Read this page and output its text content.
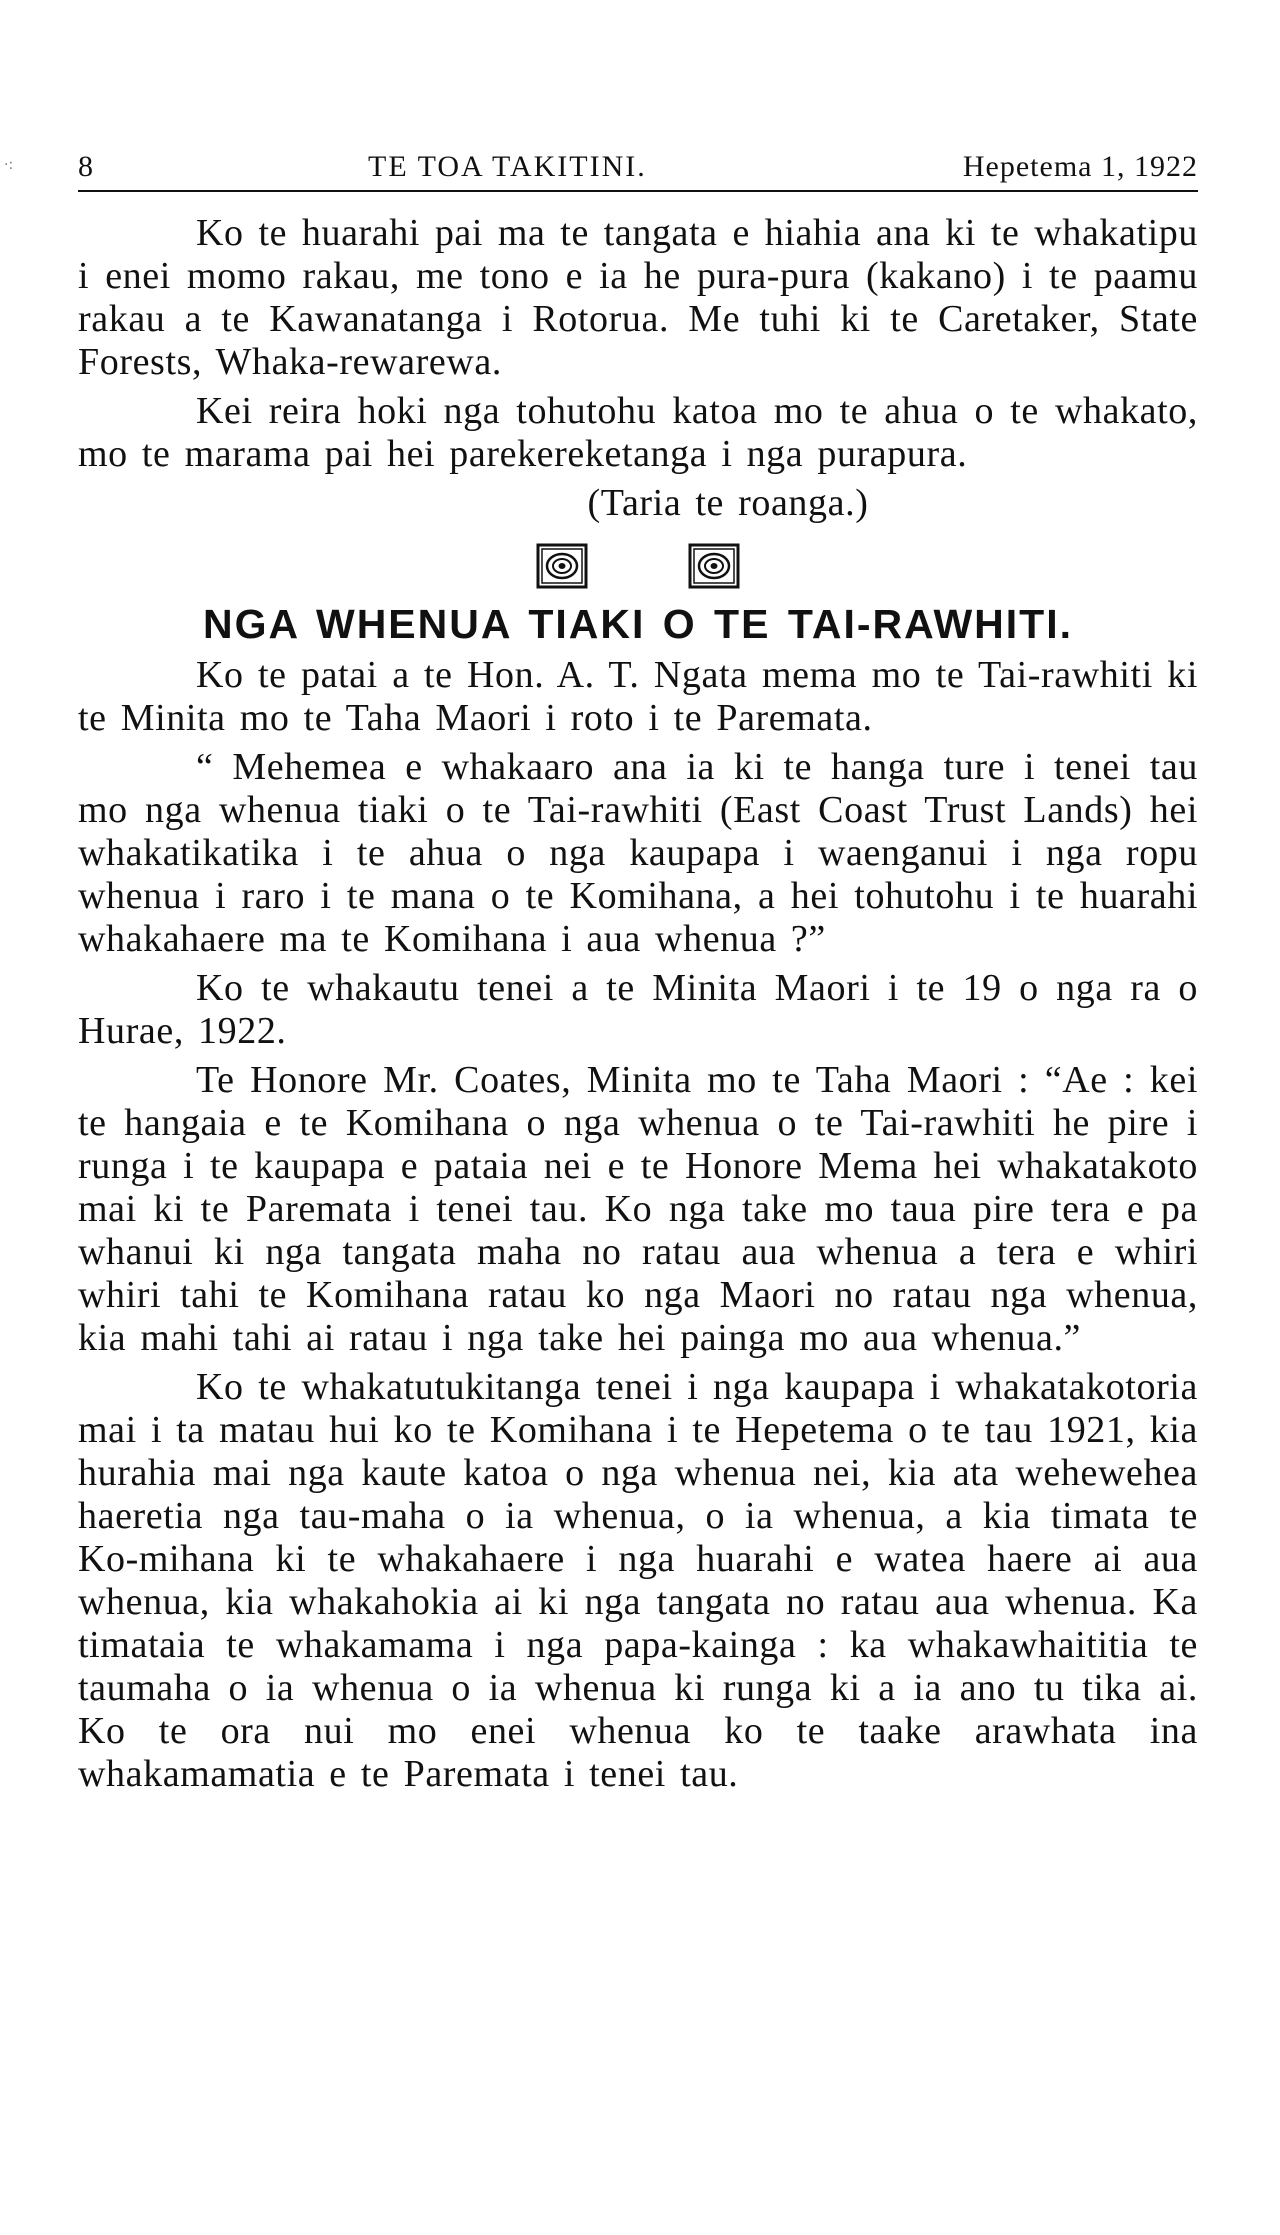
·: 8	TE TOA TAKITINI.	Hepetema 1, 1922

Ko te huarahi pai ma te tangata e hiahia ana ki te whakatipu i enei momo rakau, me tono e ia he pura-pura (kakano) i te paamu rakau a te Kawanatanga i Rotorua. Me tuhi ki te Caretaker, State Forests, Whaka-rewarewa.

Kei reira hoki nga tohutohu katoa mo te ahua o te whakato, mo te marama pai hei parekereketanga i nga purapura.

(Taria te roanga.)

NGA WHENUA TIAKI O TE TAI-RAWHITI.

Ko te patai a te Hon. A. T. Ngata mema mo te Tai-rawhiti ki te Minita mo te Taha Maori i roto i te Paremata.

“ Mehemea e whakaaro ana ia ki te hanga ture i tenei tau mo nga whenua tiaki o te Tai-rawhiti (East Coast Trust Lands) hei whakatikatika i te ahua o nga kaupapa i waenganui i nga ropu whenua i raro i te mana o te Komihana, a hei tohutohu i te huarahi whakahaere ma te Komihana i aua whenua ?”

Ko te whakautu tenei a te Minita Maori i te 19 o nga ra o Hurae, 1922.

Te Honore Mr. Coates, Minita mo te Taha Maori : “Ae : kei te hangaia e te Komihana o nga whenua o te Tai-rawhiti he pire i runga i te kaupapa e pataia nei e te Honore Mema hei whakatakoto mai ki te Paremata i tenei tau. Ko nga take mo taua pire tera e pa whanui ki nga tangata maha no ratau aua whenua a tera e whiri whiri tahi te Komihana ratau ko nga Maori no ratau nga whenua, kia mahi tahi ai ratau i nga take hei painga mo aua whenua.”

Ko te whakatutukitanga tenei i nga kaupapa i whakatakotoria mai i ta matau hui ko te Komihana i te Hepetema o te tau 1921, kia hurahia mai nga kaute katoa o nga whenua nei, kia ata wehewehea haeretia nga tau-maha o ia whenua, o ia whenua, a kia timata te Ko-mihana ki te whakahaere i nga huarahi e watea haere ai aua whenua, kia whakahokia ai ki nga tangata no ratau aua whenua. Ka timataia te whakamama i nga papa-kainga : ka whakawhaititia te taumaha o ia whenua o ia whenua ki runga ki a ia ano tu tika ai. Ko te ora nui mo enei whenua ko te taake arawhata ina whakamamatia e te Paremata i tenei tau.
